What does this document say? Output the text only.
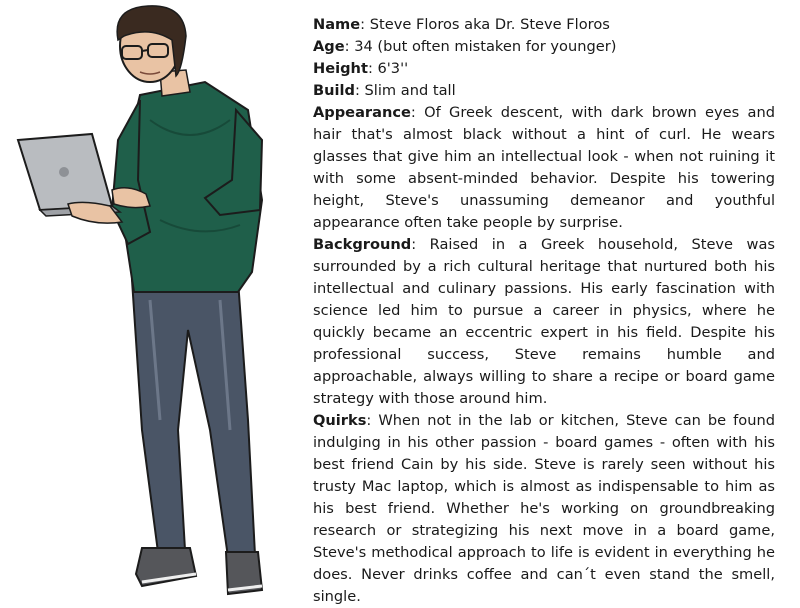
Name: Steve Floros aka Dr. Steve Floros

Age: 34 (but often mistaken for younger)

Height: 6'3''

Build: Slim and tall

Appearance: Of Greek descent, with dark brown eyes and hair that's almost black without a hint of curl. He wears glasses that give him an intellectual look - when not ruining it with some absent-minded behavior. Despite his towering height, Steve's unassuming demeanor and youthful appearance often take people by surprise.

Background: Raised in a Greek household, Steve was surrounded by a rich cultural heritage that nurtured both his intellectual and culinary passions. His early fascination with science led him to pursue a career in physics, where he quickly became an eccentric expert in his field. Despite his professional success, Steve remains humble and approachable, always willing to share a recipe or board game strategy with those around him.

Quirks: When not in the lab or kitchen, Steve can be found indulging in his other passion - board games - often with his best friend Cain by his side. Steve is rarely seen without his trusty Mac laptop, which is almost as indispensable to him as his best friend. Whether he's working on groundbreaking research or strategizing his next move in a board game, Steve's methodical approach to life is evident in everything he does. Never drinks coffee and can´t even stand the smell, single.
